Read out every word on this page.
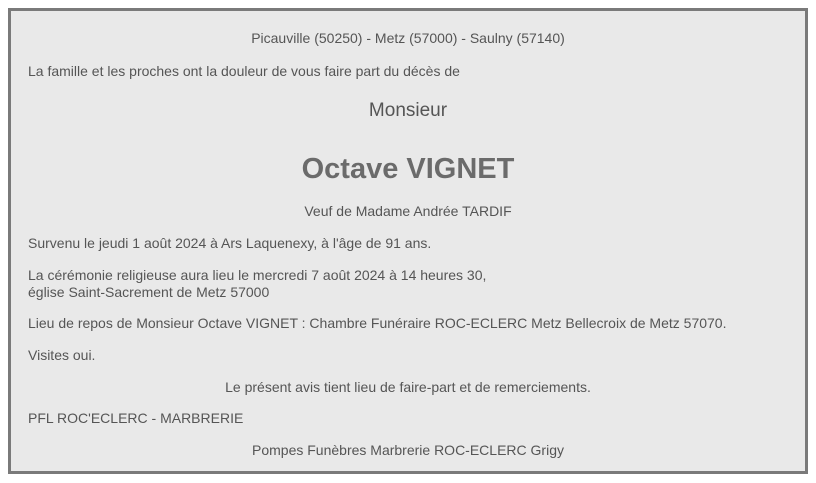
Picauville (50250) - Metz (57000) - Saulny (57140)
La famille et les proches ont la douleur de vous faire part du décès de
Monsieur
Octave VIGNET
Veuf de Madame Andrée TARDIF
Survenu le jeudi 1 août 2024 à Ars Laquenexy, à l'âge de 91 ans.
La cérémonie religieuse aura lieu le mercredi 7 août 2024 à 14 heures 30,
église Saint-Sacrement de Metz 57000
Lieu de repos de Monsieur Octave VIGNET : Chambre Funéraire ROC-ECLERC Metz Bellecroix de Metz 57070.
Visites oui.
Le présent avis tient lieu de faire-part et de remerciements.
PFL ROC'ECLERC - MARBRERIE
Pompes Funèbres Marbrerie ROC-ECLERC Grigy
